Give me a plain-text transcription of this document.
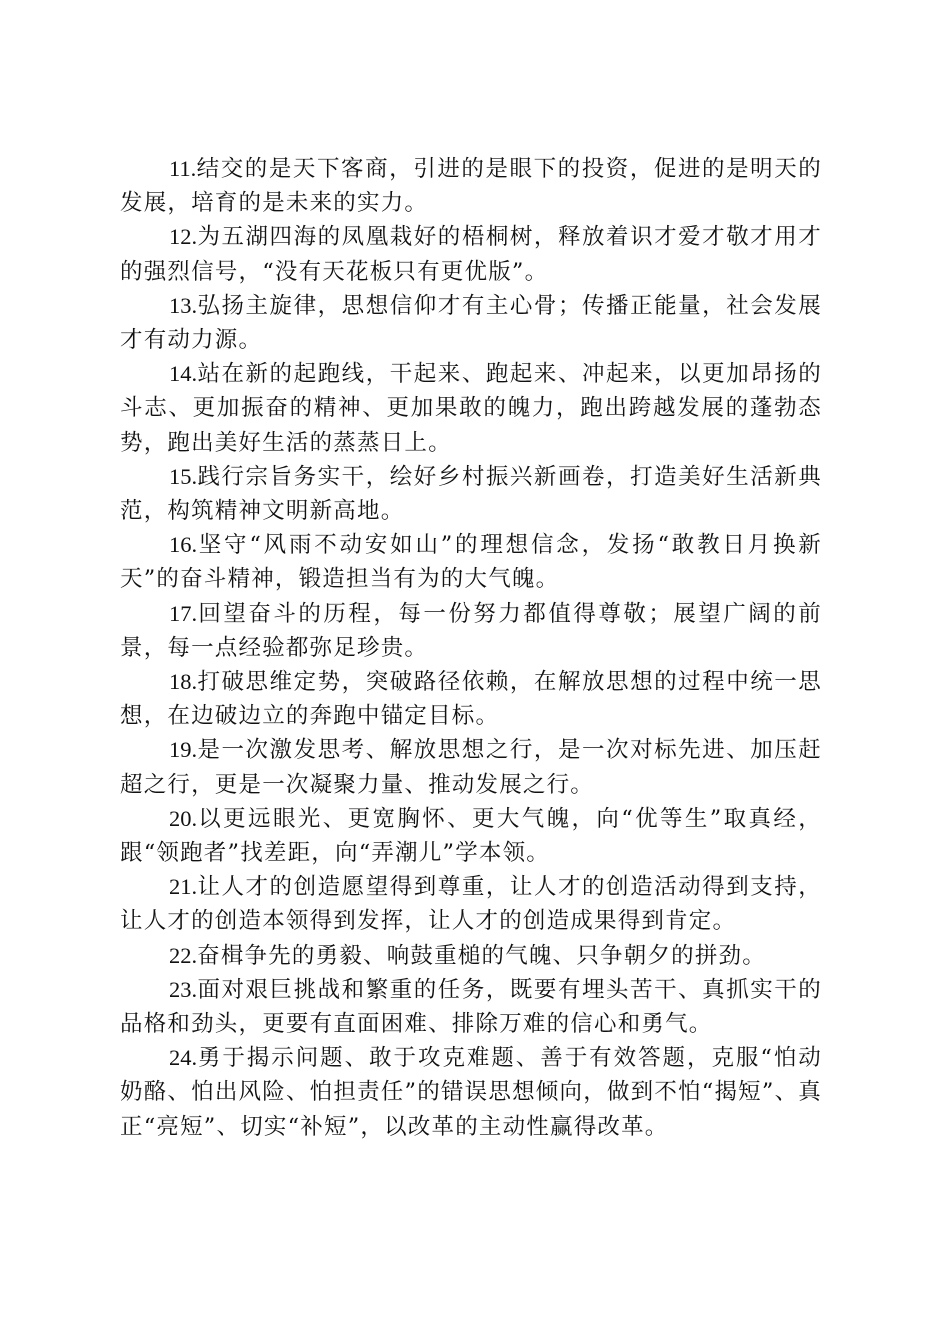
11.结交的是天下客商，引进的是眼下的投资，促进的是明天的发展，培育的是未来的实力。

12.为五湖四海的凤凰栽好的梧桐树，释放着识才爱才敬才用才的强烈信号，“没有天花板只有更优版”。

13.弘扬主旋律，思想信仰才有主心骨；传播正能量，社会发展才有动力源。

14.站在新的起跑线，干起来、跑起来、冲起来，以更加昂扬的斗志、更加振奋的精神、更加果敢的魄力，跑出跨越发展的蓬勃态势，跑出美好生活的蒸蒸日上。

15.践行宗旨务实干，绘好乡村振兴新画卷，打造美好生活新典范，构筑精神文明新高地。

16.坚守“风雨不动安如山”的理想信念，发扬“敢教日月换新天”的奋斗精神，锻造担当有为的大气魄。

17.回望奋斗的历程，每一份努力都值得尊敬；展望广阔的前景，每一点经验都弥足珍贵。

18.打破思维定势，突破路径依赖，在解放思想的过程中统一思想，在边破边立的奔跑中锚定目标。

19.是一次激发思考、解放思想之行，是一次对标先进、加压赶超之行，更是一次凝聚力量、推动发展之行。

20.以更远眼光、更宽胸怀、更大气魄，向“优等生”取真经，跟“领跑者”找差距，向“弄潮儿”学本领。

21.让人才的创造愿望得到尊重，让人才的创造活动得到支持，让人才的创造本领得到发挥，让人才的创造成果得到肯定。

22.奋楫争先的勇毅、响鼓重槌的气魄、只争朝夕的拼劲。

23.面对艰巨挑战和繁重的任务，既要有埋头苦干、真抓实干的品格和劲头，更要有直面困难、排除万难的信心和勇气。

24.勇于揭示问题、敢于攻克难题、善于有效答题，克服“怕动奶酪、怕出风险、怕担责任”的错误思想倾向，做到不怕“揭短”、真正“亮短”、切实“补短”，以改革的主动性赢得改革。
